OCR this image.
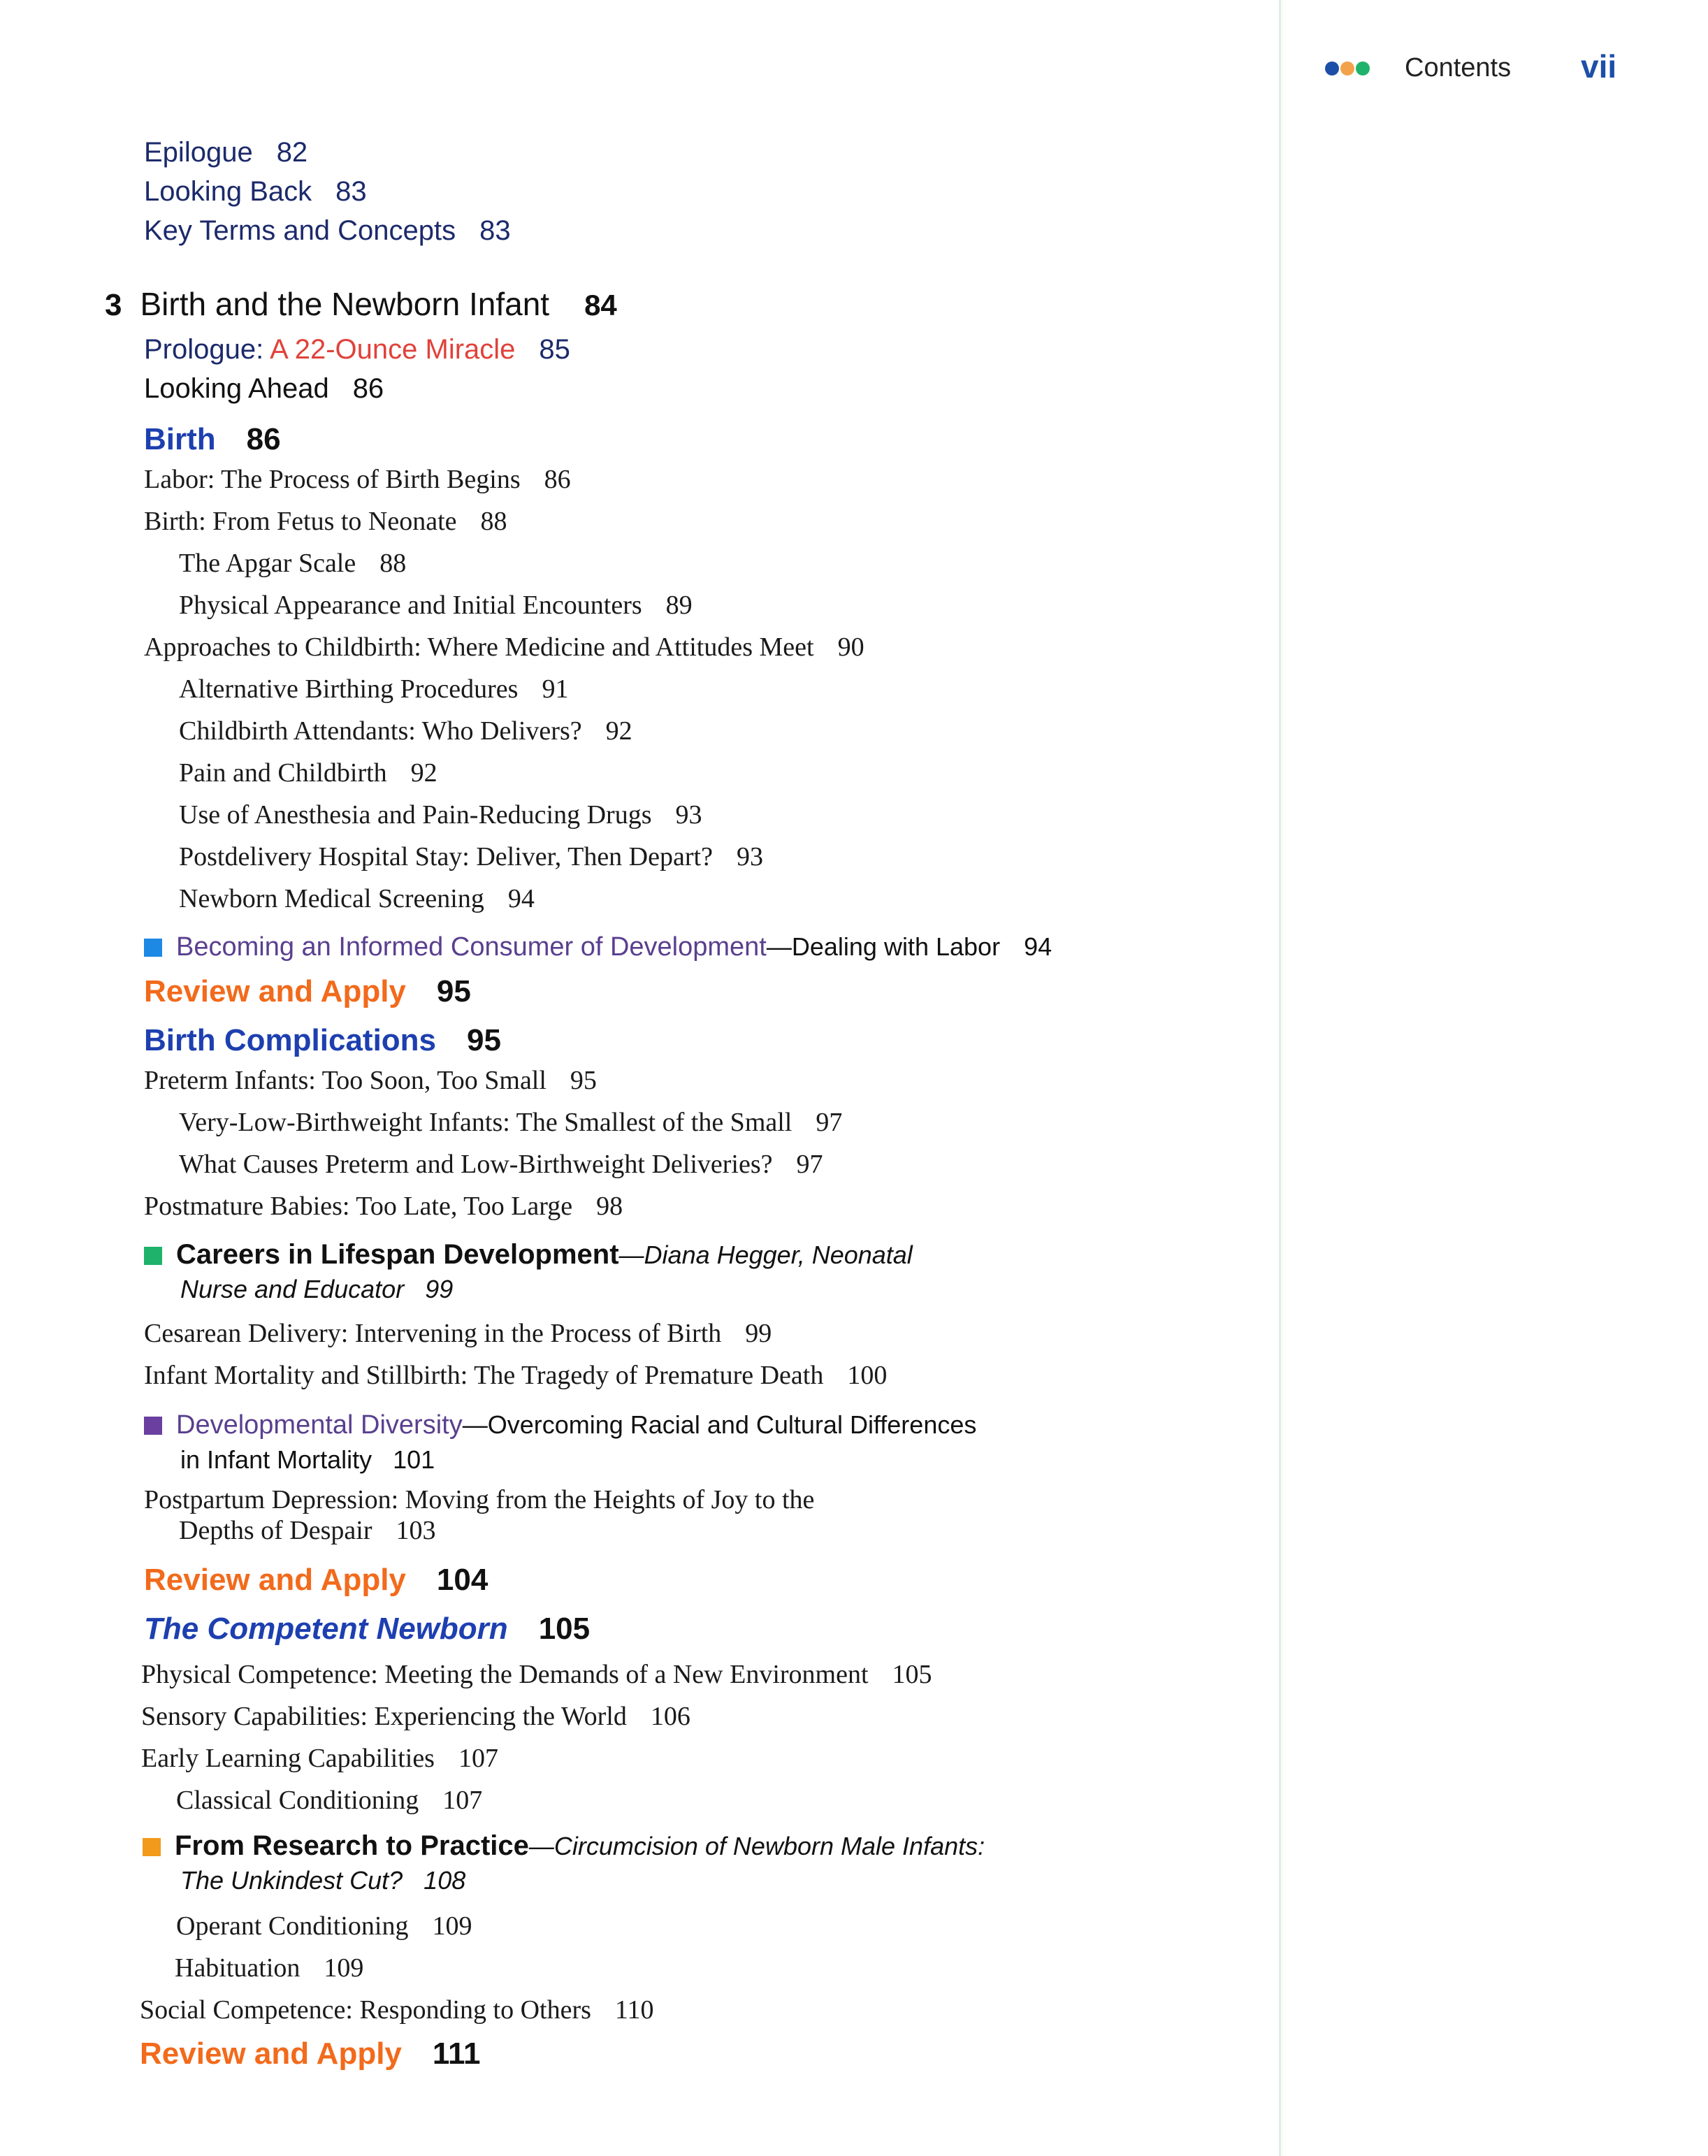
Contents vii
Epilogue 82
Looking Back 83
Key Terms and Concepts 83
3 Birth and the Newborn Infant 84
Prologue: A 22-Ounce Miracle 85
Looking Ahead 86
Birth 86
Labor: The Process of Birth Begins 86
Birth: From Fetus to Neonate 88
The Apgar Scale 88
Physical Appearance and Initial Encounters 89
Approaches to Childbirth: Where Medicine and Attitudes Meet 90
Alternative Birthing Procedures 91
Childbirth Attendants: Who Delivers? 92
Pain and Childbirth 92
Use of Anesthesia and Pain-Reducing Drugs 93
Postdelivery Hospital Stay: Deliver, Then Depart? 93
Newborn Medical Screening 94
Becoming an Informed Consumer of Development—Dealing with Labor 94
Review and Apply 95
Birth Complications 95
Preterm Infants: Too Soon, Too Small 95
Very-Low-Birthweight Infants: The Smallest of the Small 97
What Causes Preterm and Low-Birthweight Deliveries? 97
Postmature Babies: Too Late, Too Large 98
Careers in Lifespan Development—Diana Hegger, Neonatal
Nurse and Educator 99
Cesarean Delivery: Intervening in the Process of Birth 99
Infant Mortality and Stillbirth: The Tragedy of Premature Death 100
Developmental Diversity—Overcoming Racial and Cultural Differences
in Infant Mortality 101
Postpartum Depression: Moving from the Heights of Joy to the
Depths of Despair 103
Review and Apply 104
The Competent Newborn 105
Physical Competence: Meeting the Demands of a New Environment 105
Sensory Capabilities: Experiencing the World 106
Early Learning Capabilities 107
Classical Conditioning 107
From Research to Practice—Circumcision of Newborn Male Infants:
The Unkindest Cut? 108
Operant Conditioning 109
Habituation 109
Social Competence: Responding to Others 110
Review and Apply 111
